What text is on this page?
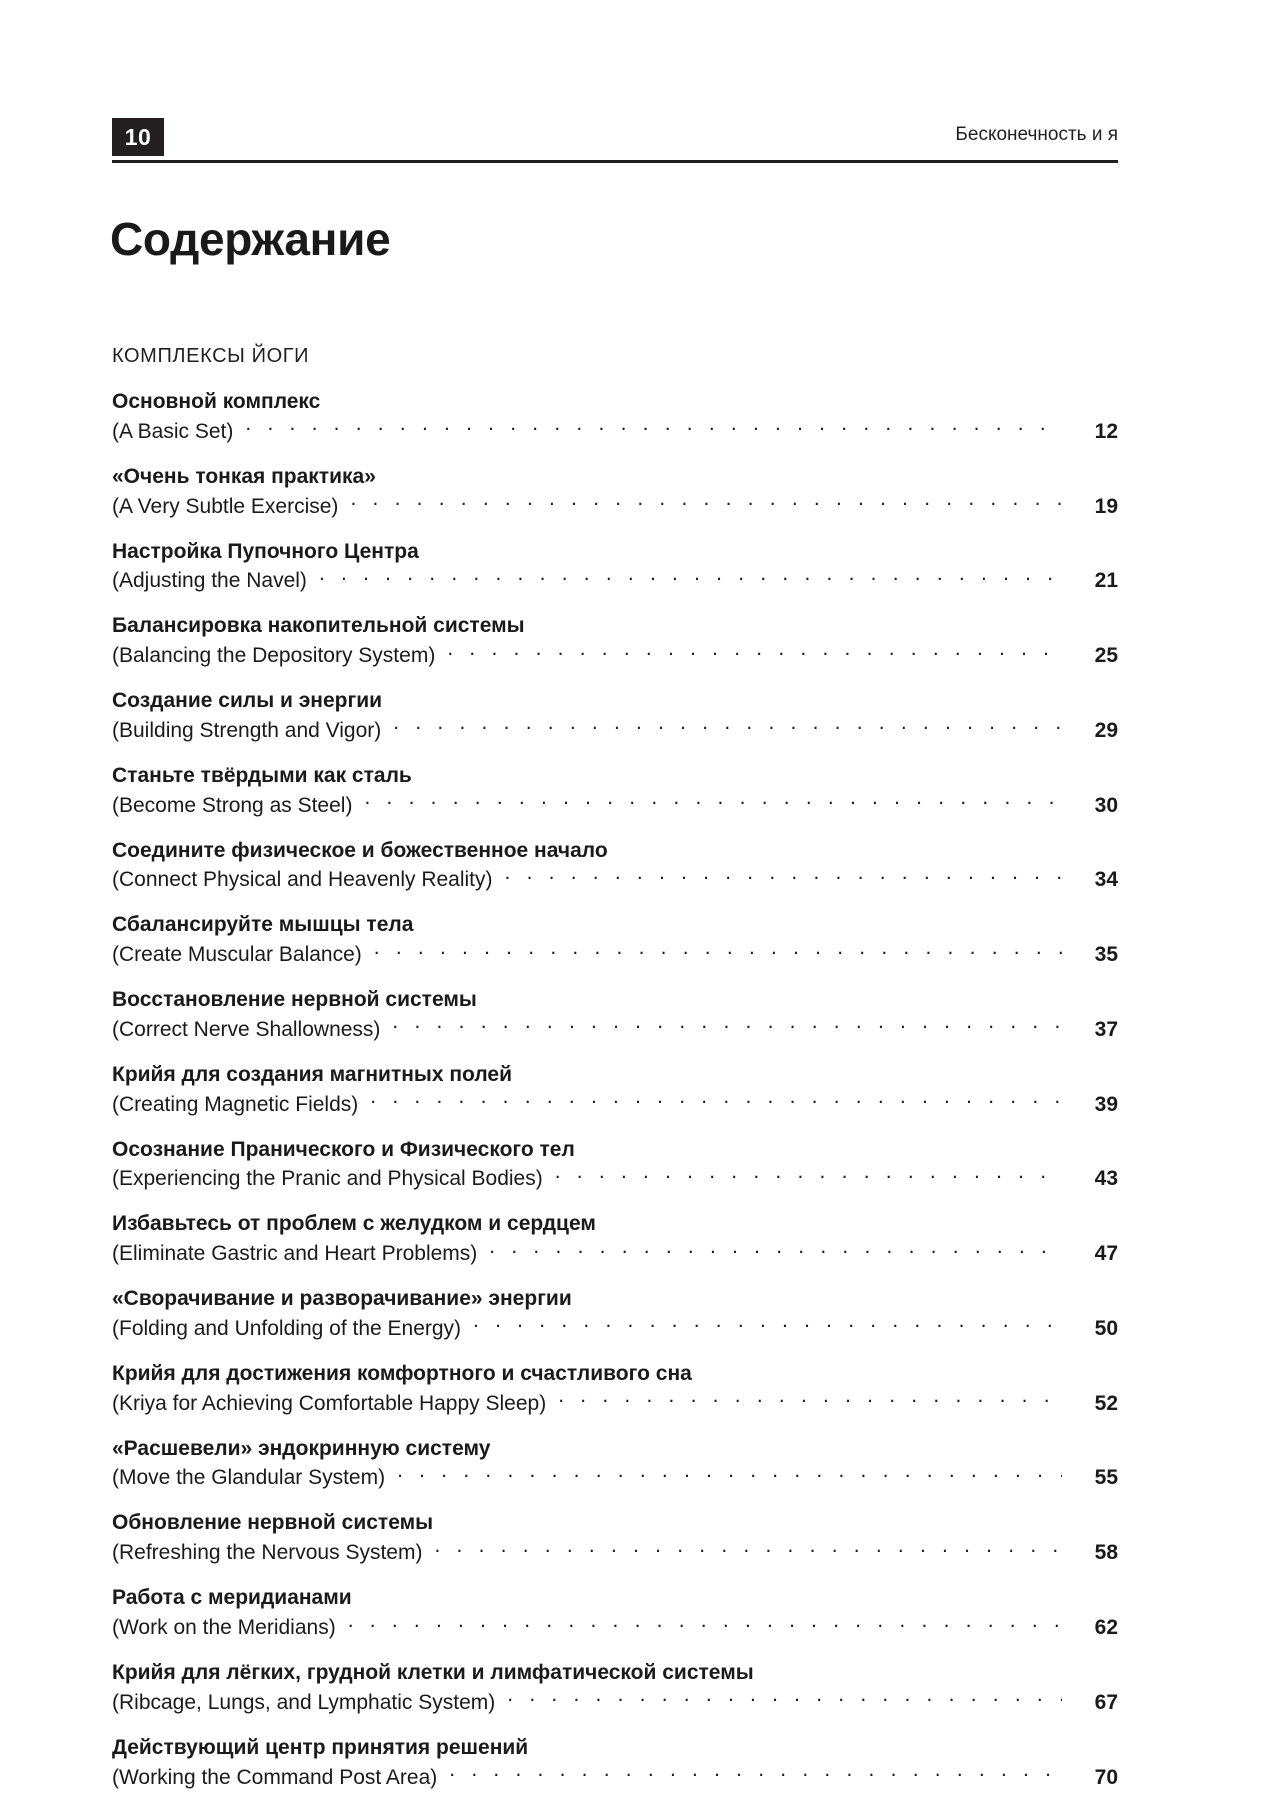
10	Бесконечность и я
Содержание
КОМПЛЕКСЫ ЙОГИ
Основной комплекс
(A Basic Set) . . .	12
«Очень тонкая практика»
(A Very Subtle Exercise) . . .	19
Настройка Пупочного Центра
(Adjusting the Navel) . . .	21
Балансировка накопительной системы
(Balancing the Depository System) . . .	25
Создание силы и энергии
(Building Strength and Vigor) . . .	29
Станьте твёрдыми как сталь
(Become Strong as Steel) . . .	30
Соедините физическое и божественное начало
(Connect Physical and Heavenly Reality) . . .	34
Сбалансируйте мышцы тела
(Create Muscular Balance) . . .	35
Восстановление нервной системы
(Correct Nerve Shallowness) . . .	37
Крийя для создания магнитных полей
(Creating Magnetic Fields) . . .	39
Осознание Пранического и Физического тел
(Experiencing the Pranic and Physical Bodies) . . .	43
Избавьтесь от проблем с желудком и сердцем
(Eliminate Gastric and Heart Problems) . . .	47
«Сворачивание и разворачивание» энергии
(Folding and Unfolding of the Energy) . . .	50
Крийя для достижения комфортного и счастливого сна
(Kriya for Achieving Comfortable Happy Sleep) . . .	52
«Расшевели» эндокринную систему
(Move the Glandular System) . . .	55
Обновление нервной системы
(Refreshing the Nervous System) . . .	58
Работа с меридианами
(Work on the Meridians) . . .	62
Крийя для лёгких, грудной клетки и лимфатической системы
(Ribcage, Lungs, and Lymphatic System) . . .	67
Действующий центр принятия решений
(Working the Command Post Area) . . .	70
